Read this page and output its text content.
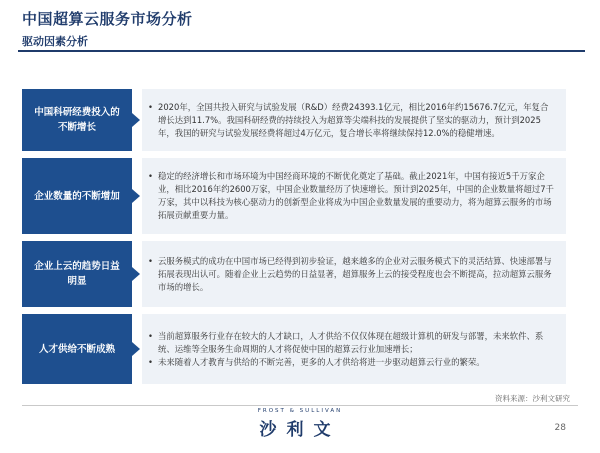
中国超算云服务市场分析
驱动因素分析
中国科研经费投入的不断增长
• 2020年，全国共投入研究与试验发展（R&D）经费24393.1亿元，相比2016年约15676.7亿元，年复合增长达到11.7%。我国科研经费的持续投入为超算等尖端科技的发展提供了坚实的驱动力，预计到2025年，我国的研究与试验发展经费将超过4万亿元，复合增长率将继续保持12.0%的稳健增速。
企业数量的不断增加
• 稳定的经济增长和市场环境为中国经商环境的不断优化奠定了基础。截止2021年，中国有接近5千万家企业，相比2016年约2600万家，中国企业数量经历了快速增长。预计到2025年，中国的企业数量将超过7千万家，其中以科技为核心驱动力的创新型企业将成为中国企业数量发展的重要动力，将为超算云服务的市场拓展贡献重要力量。
企业上云的趋势日益明显
• 云服务模式的成功在中国市场已经得到初步验证，越来越多的企业对云服务模式下的灵活结算、快速部署与拓展表现出认可。随着企业上云趋势的日益显著，超算服务上云的接受程度也会不断提高，拉动超算云服务市场的增长。
人才供给不断成熟
• 当前超算服务行业存在较大的人才缺口，人才供给不仅仅体现在超级计算机的研发与部署，未来软件、系统、运维等全服务生命周期的人才将促使中国的超算云行业加速增长；
• 未来随着人才教育与供给的不断完善，更多的人才供给将进一步驱动超算云行业的繁荣。
资料来源：沙利文研究
FROST & SULLIVAN
沙利文	28
